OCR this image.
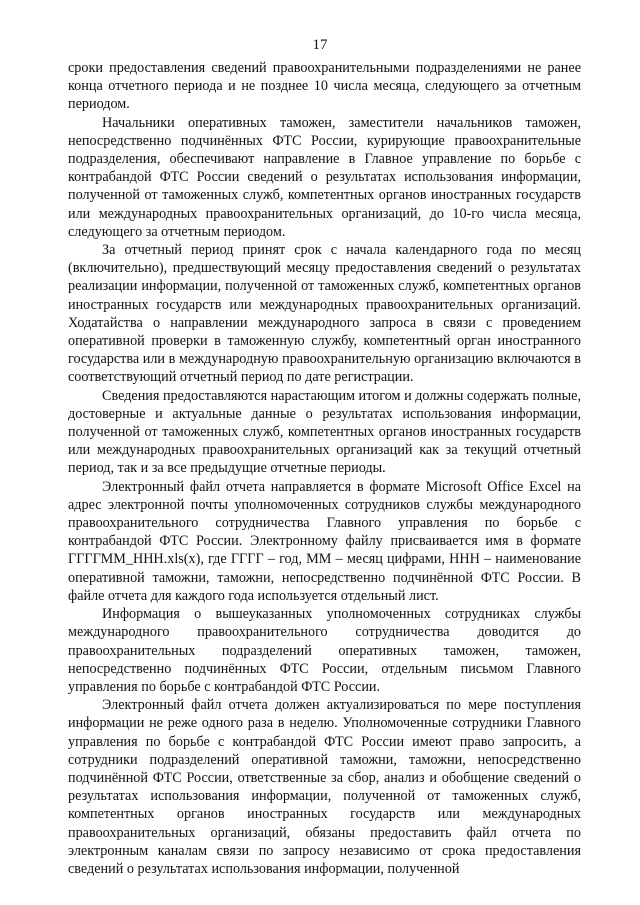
17

сроки предоставления сведений правоохранительными подразделениями не ранее конца отчетного периода и не позднее 10 числа месяца, следующего за отчетным периодом.

Начальники оперативных таможен, заместители начальников таможен, непосредственно подчинённых ФТС России, курирующие правоохранительные подразделения, обеспечивают направление в Главное управление по борьбе с контрабандой ФТС России сведений о результатах использования информации, полученной от таможенных служб, компетентных органов иностранных государств или международных правоохранительных организаций, до 10-го числа месяца, следующего за отчетным периодом.

За отчетный период принят срок с начала календарного года по месяц (включительно), предшествующий месяцу предоставления сведений о результатах реализации информации, полученной от таможенных служб, компетентных органов иностранных государств или международных правоохранительных организаций. Ходатайства о направлении международного запроса в связи с проведением оперативной проверки в таможенную службу, компетентный орган иностранного государства или в международную правоохранительную организацию включаются в соответствующий отчетный период по дате регистрации.

Сведения предоставляются нарастающим итогом и должны содержать полные, достоверные и актуальные данные о результатах использования информации, полученной от таможенных служб, компетентных органов иностранных государств или международных правоохранительных организаций как за текущий отчетный период, так и за все предыдущие отчетные периоды.

Электронный файл отчета направляется в формате Microsoft Office Excel на адрес электронной почты уполномоченных сотрудников службы международного правоохранительного сотрудничества Главного управления по борьбе с контрабандой ФТС России. Электронному файлу присваивается имя в формате ГГГГММ_ННН.xls(x), где ГГГГ – год, ММ – месяц цифрами, ННН – наименование оперативной таможни, таможни, непосредственно подчинённой ФТС России. В файле отчета для каждого года используется отдельный лист.

Информация о вышеуказанных уполномоченных сотрудниках службы международного правоохранительного сотрудничества доводится до правоохранительных подразделений оперативных таможен, таможен, непосредственно подчинённых ФТС России, отдельным письмом Главного управления по борьбе с контрабандой ФТС России.

Электронный файл отчета должен актуализироваться по мере поступления информации не реже одного раза в неделю. Уполномоченные сотрудники Главного управления по борьбе с контрабандой ФТС России имеют право запросить, а сотрудники подразделений оперативной таможни, таможни, непосредственно подчинённой ФТС России, ответственные за сбор, анализ и обобщение сведений о результатах использования информации, полученной от таможенных служб, компетентных органов иностранных государств или международных правоохранительных организаций, обязаны предоставить файл отчета по электронным каналам связи по запросу независимо от срока предоставления сведений о результатах использования информации, полученной
